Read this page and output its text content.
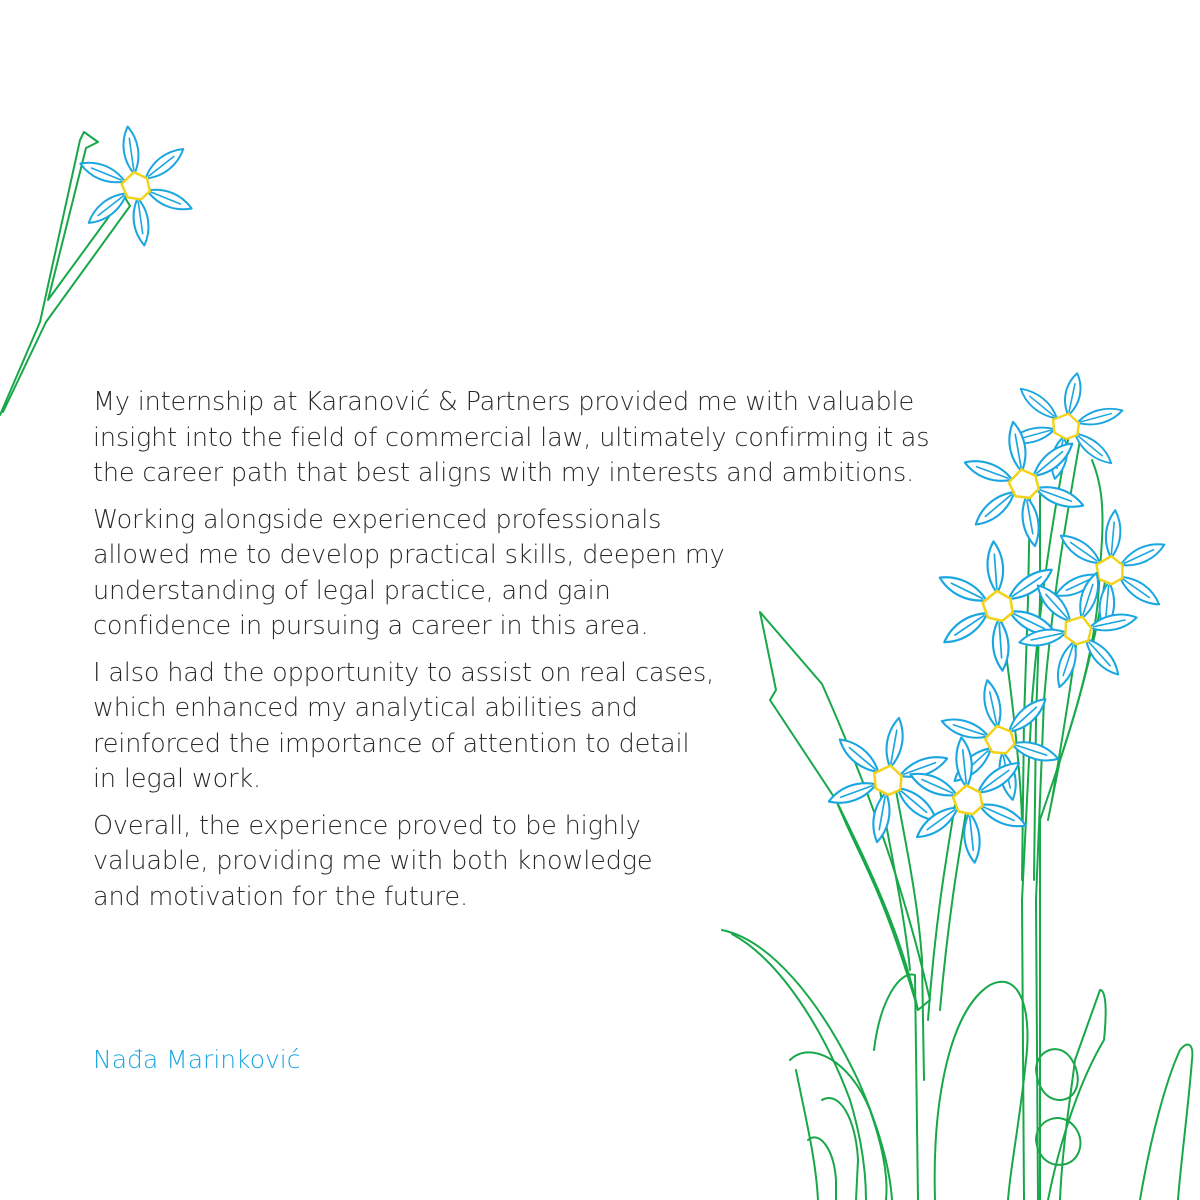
My internship at Karanović & Partners provided me with valuable
insight into the field of commercial law, ultimately confirming it as
the career path that best aligns with my interests and ambitions.

Working alongside experienced professionals
allowed me to develop practical skills, deepen my
understanding of legal practice, and gain
confidence in pursuing a career in this area.

I also had the opportunity to assist on real cases,
which enhanced my analytical abilities and
reinforced the importance of attention to detail
in legal work.

Overall, the experience proved to be highly
valuable, providing me with both knowledge
and motivation for the future.

Nađa Marinković
